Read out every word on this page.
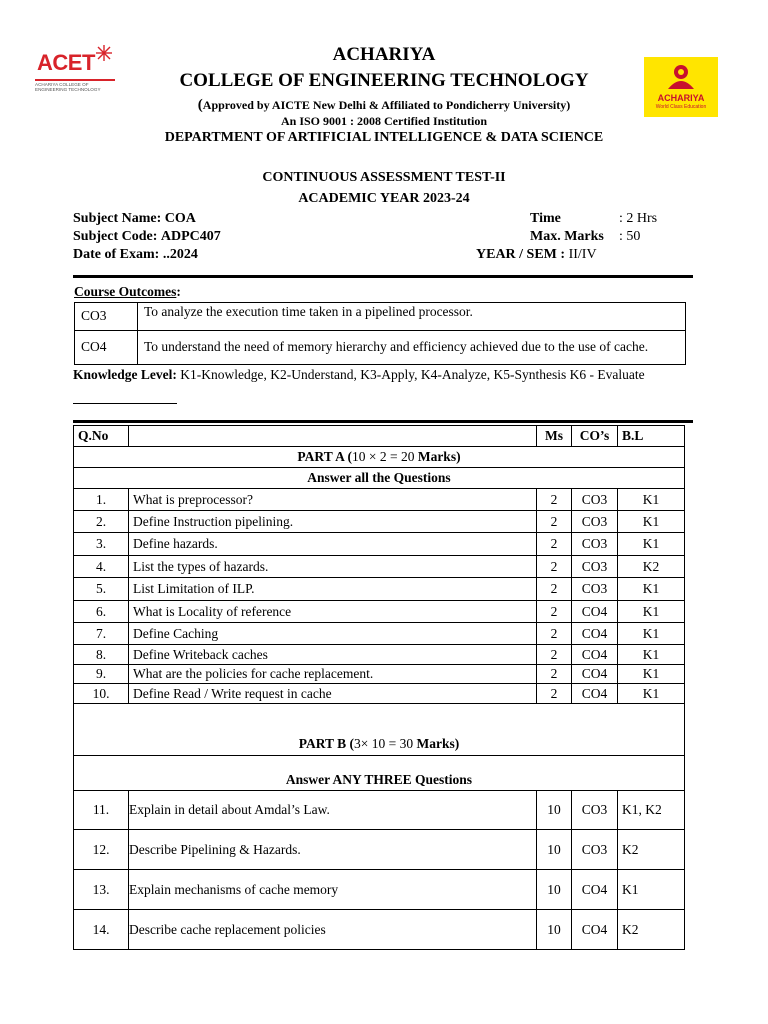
ACET
ACHARIYA COLLEGE OF ENGINEERING TECHNOLOGY
ACHARIYA
World Class Education
ACHARIYA
COLLEGE OF ENGINEERING TECHNOLOGY
(Approved by AICTE New Delhi & Affiliated to Pondicherry University)
An ISO 9001 : 2008 Certified Institution
DEPARTMENT OF ARTIFICIAL INTELLIGENCE & DATA SCIENCE
CONTINUOUS ASSESSMENT TEST-II
ACADEMIC YEAR 2023-24
Subject Name: COA
Subject Code: ADPC407
Date of Exam: ..2024
Time	: 2 Hrs
Max. Marks : 50
YEAR / SEM : II/IV
Course Outcomes:
CO3	To analyze the execution time taken in a pipelined processor.
CO4	To understand the need of memory hierarchy and efficiency achieved due to the use of cache.
Knowledge Level: K1-Knowledge, K2-Understand, K3-Apply, K4-Analyze, K5-Synthesis K6 - Evaluate
Q.No		Ms	CO’s	B.L
PART A (10 × 2 = 20 Marks)				
Answer all the Questions				
1.	What is preprocessor?	2	CO3	K1
2.	Define Instruction pipelining.	2	CO3	K1
3.	Define hazards.	2	CO3	K1
4.	List the types of hazards.	2	CO3	K2
5.	List Limitation of ILP.	2	CO3	K1
6.	What is Locality of reference	2	CO4	K1
7.	Define Caching	2	CO4	K1
8.	Define Writeback caches	2	CO4	K1
9.	What are the policies for cache replacement.	2	CO4	K1
10.	Define Read / Write request in cache	2	CO4	K1
PART B (3× 10 = 30 Marks)				
Answer ANY THREE Questions				
11.	Explain in detail about Amdal’s Law.	10	CO3	K1, K2
12.	Describe Pipelining & Hazards.	10	CO3	K2
13.	Explain mechanisms of cache memory	10	CO4	K1
14.	Describe cache replacement policies	10	CO4	K2
